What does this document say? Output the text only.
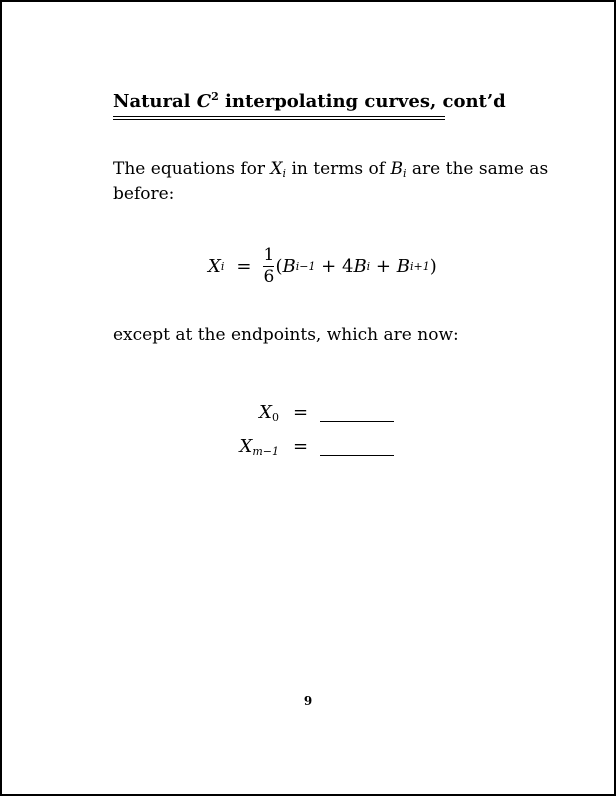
Natural $C^2$ interpolating curves, cont’d
The equations for $X_i$ in terms of $B_i$ are the same as
before:
X $i = \frac{1}{6}$ ( B i−1 + 4 B i + B i+1 )
except at the endpoints, which are now:
$X_0$ =
$X_{m-1}$ =
9
